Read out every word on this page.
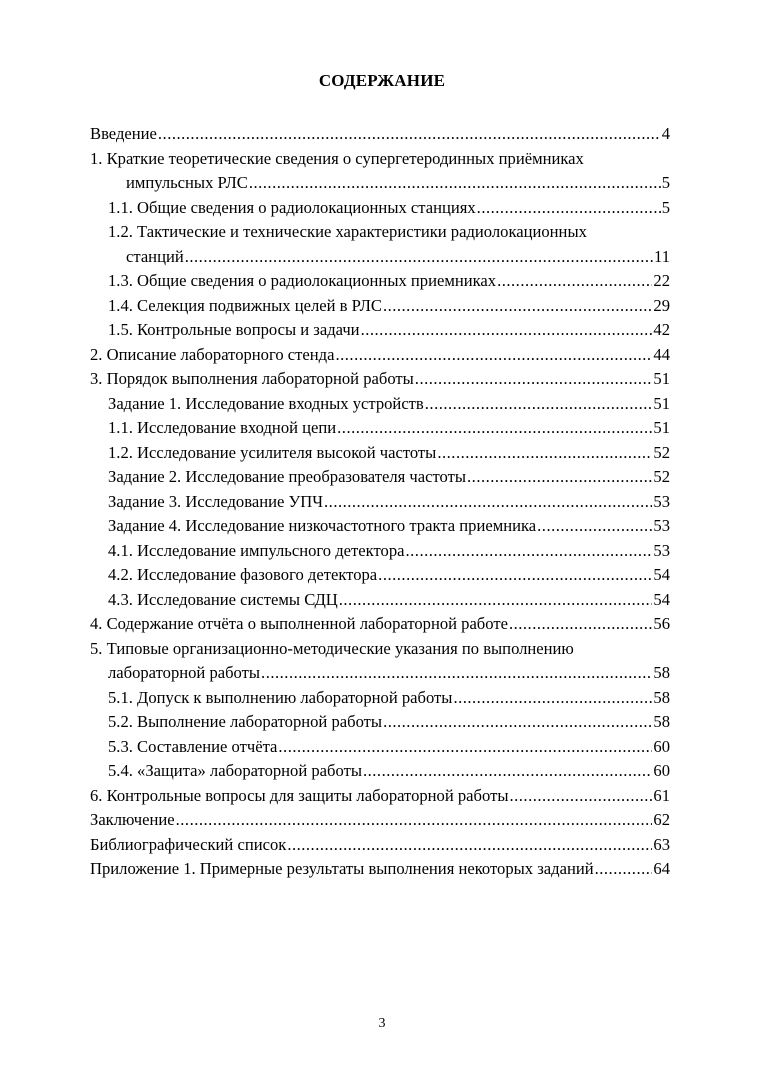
СОДЕРЖАНИЕ
Введение .....	4
1. Краткие теоретические сведения о супергетеродинных приёмниках
импульсных РЛС .....	5
1.1. Общие сведения о радиолокационных станциях .....	5
1.2. Тактические и технические характеристики радиолокационных
станций .....	11
1.3. Общие сведения о радиолокационных приемниках .....	22
1.4. Селекция подвижных целей в РЛС .....	29
1.5. Контрольные вопросы и задачи .....	42
2. Описание лабораторного стенда .....	44
3. Порядок выполнения лабораторной работы .....	51
Задание 1. Исследование входных устройств .....	51
1.1. Исследование входной цепи .....	51
1.2. Исследование усилителя высокой частоты .....	52
Задание 2. Исследование преобразователя частоты .....	52
Задание 3. Исследование УПЧ .....	53
Задание 4. Исследование низкочастотного тракта приемника .....	53
4.1. Исследование импульсного детектора .....	53
4.2. Исследование фазового детектора .....	54
4.3. Исследование системы СДЦ .....	54
4. Содержание отчёта о выполненной лабораторной работе .....	56
5. Типовые организационно-методические указания по выполнению
лабораторной работы .....	58
5.1. Допуск к выполнению лабораторной работы .....	58
5.2. Выполнение лабораторной работы .....	58
5.3. Составление отчёта .....	60
5.4. «Защита» лабораторной работы .....	60
6. Контрольные вопросы для защиты лабораторной работы .....	61
Заключение .....	62
Библиографический список .....	63
Приложение 1. Примерные результаты выполнения некоторых заданий .....	64
3
